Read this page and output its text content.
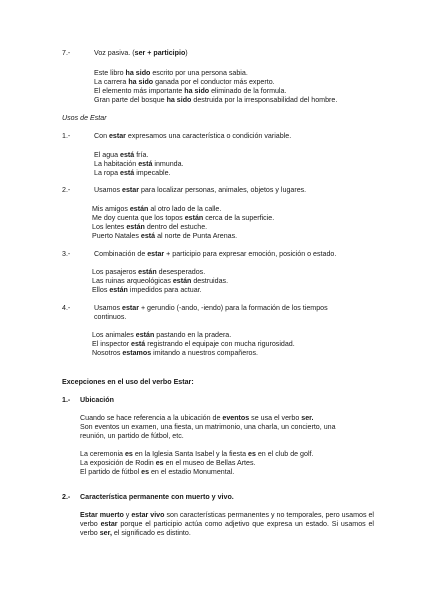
7.-	Voz pasiva. (ser + participio)
Este libro ha sido escrito por una persona sabia.
La carrera ha sido ganada por el conductor más experto.
El elemento más importante ha sido eliminado de la formula.
Gran parte del bosque ha sido destruida por la irresponsabilidad del hombre.
Usos de Estar
1.-	Con estar expresamos una característica o condición variable.
El agua está fría.
La habitación está inmunda.
La ropa está impecable.
2.-	Usamos estar para localizar personas, animales, objetos y lugares.
Mis amigos están al otro lado de la calle.
Me doy cuenta que los topos están cerca de la superficie.
Los lentes están dentro del estuche.
Puerto Natales está al norte de Punta Arenas.
3.-	Combinación de estar + participio para expresar emoción, posición o estado.
Los pasajeros están desesperados.
Las ruinas arqueológicas están destruidas.
Ellos están impedidos para actuar.
4.-	Usamos estar + gerundio (-ando, -iendo) para la formación de los tiempos
continuos.
Los animales están pastando en la pradera.
El inspector está registrando el equipaje con mucha rigurosidad.
Nosotros estamos imitando a nuestros compañeros.
Excepciones en el uso del verbo Estar:
1.- Ubicación
Cuando se hace referencia a la ubicación de eventos se usa el verbo ser.
Son eventos un examen, una fiesta, un matrimonio, una charla, un concierto, una
reunión, un partido de fútbol, etc.
La ceremonia es en la Iglesia Santa Isabel y la fiesta es en el club de golf.
La exposición de Rodin es en el museo de Bellas Artes.
El partido de fútbol es en el estadio Monumental.
2.- Característica permanente con muerto y vivo.
Estar muerto y estar vivo son características permanentes y no temporales, pero usamos el verbo estar porque el participio actúa como adjetivo que expresa un estado. Si usamos el verbo ser, el significado es distinto.
